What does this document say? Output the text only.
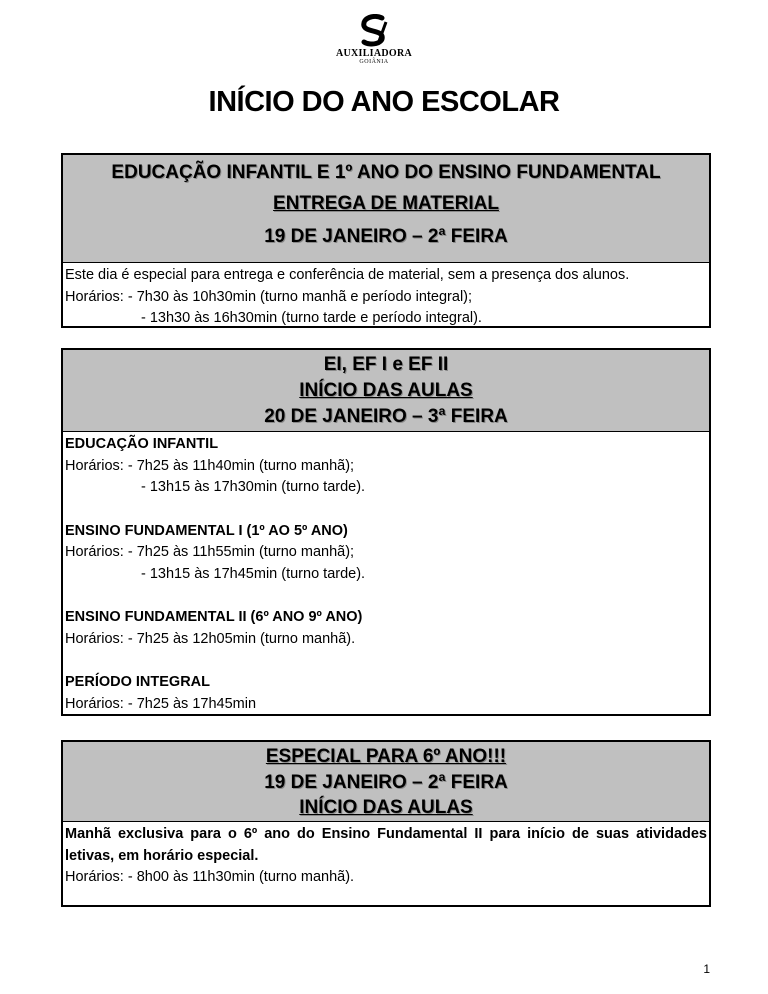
AUXILIADORA
GOIÂNIA
INÍCIO DO ANO ESCOLAR
EDUCAÇÃO INFANTIL E 1º ANO DO ENSINO FUNDAMENTAL
ENTREGA DE MATERIAL
19 DE JANEIRO – 2ª FEIRA
Este dia é especial para entrega e conferência de material, sem a presença dos alunos.
Horários: - 7h30 às 10h30min (turno manhã e período integral);
- 13h30 às 16h30min (turno tarde e período integral).
EI, EF I e EF II
INÍCIO DAS AULAS
20 DE JANEIRO – 3ª FEIRA
EDUCAÇÃO INFANTIL
Horários: - 7h25 às 11h40min (turno manhã);
- 13h15 às 17h30min (turno tarde).
ENSINO FUNDAMENTAL I (1º AO 5º ANO)
Horários: - 7h25 às 11h55min (turno manhã);
- 13h15 às 17h45min (turno tarde).
ENSINO FUNDAMENTAL II (6º ANO 9º ANO)
Horários: - 7h25 às 12h05min (turno manhã).
PERÍODO INTEGRAL
Horários: - 7h25 às 17h45min
ESPECIAL PARA 6º ANO!!!
19 DE JANEIRO – 2ª FEIRA
INÍCIO DAS AULAS
Manhã exclusiva para o 6º ano do Ensino Fundamental II para início de suas atividades letivas, em horário especial.
Horários: - 8h00 às 11h30min (turno manhã).
1
